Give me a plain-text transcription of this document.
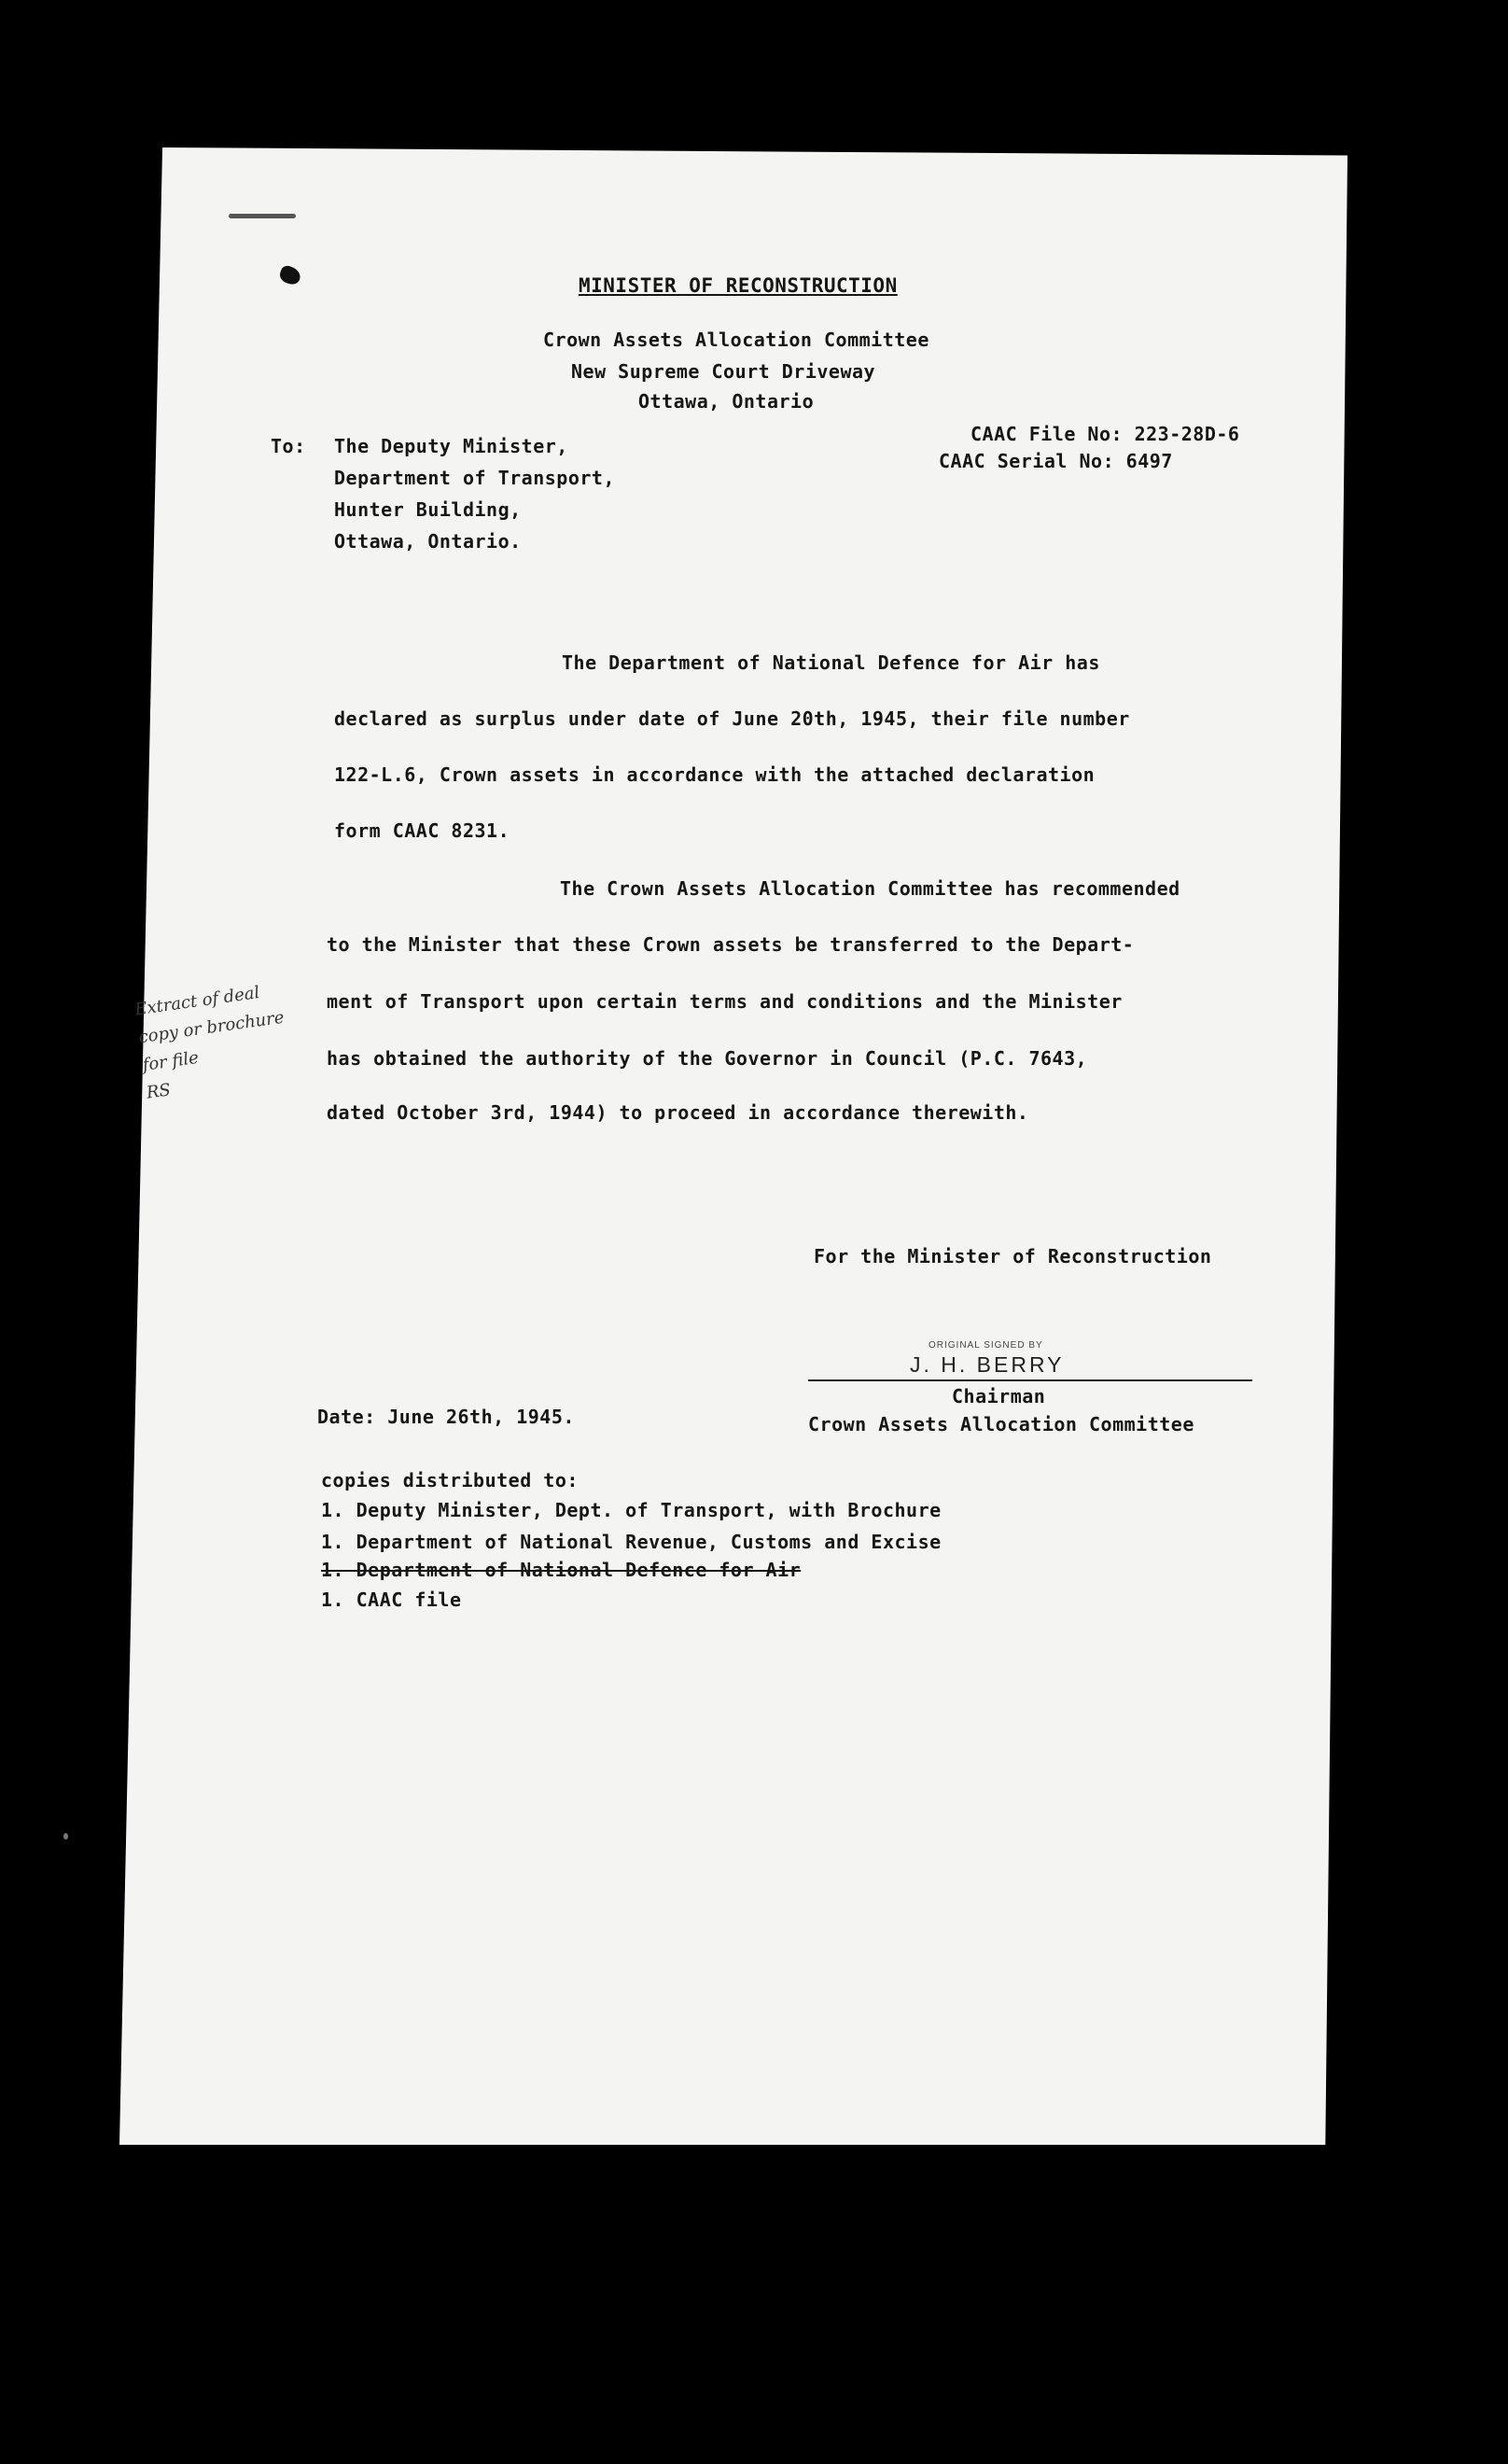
MINISTER OF RECONSTRUCTION
Crown Assets Allocation Committee
New Supreme Court Driveway
Ottawa, Ontario
CAAC File No: 223-28D-6
CAAC Serial No: 6497
To: The Deputy Minister,
Department of Transport,
Hunter Building,
Ottawa, Ontario.
The Department of National Defence for Air has
declared as surplus under date of June 20th, 1945, their file number
122-L.6, Crown assets in accordance with the attached declaration
form CAAC 8231.
The Crown Assets Allocation Committee has recommended
to the Minister that these Crown assets be transferred to the Depart-
ment of Transport upon certain terms and conditions and the Minister
has obtained the authority of the Governor in Council (P.C. 7643,
dated October 3rd, 1944) to proceed in accordance therewith.
Extract of deal
copy or brochure
for file
RS
For the Minister of Reconstruction
ORIGINAL SIGNED BY
J. H. BERRY
Chairman
Crown Assets Allocation Committee
Date: June 26th, 1945.
copies distributed to:
1. Deputy Minister, Dept. of Transport, with Brochure
1. Department of National Revenue, Customs and Excise
1. Department of National Defence for Air
1. CAAC file
